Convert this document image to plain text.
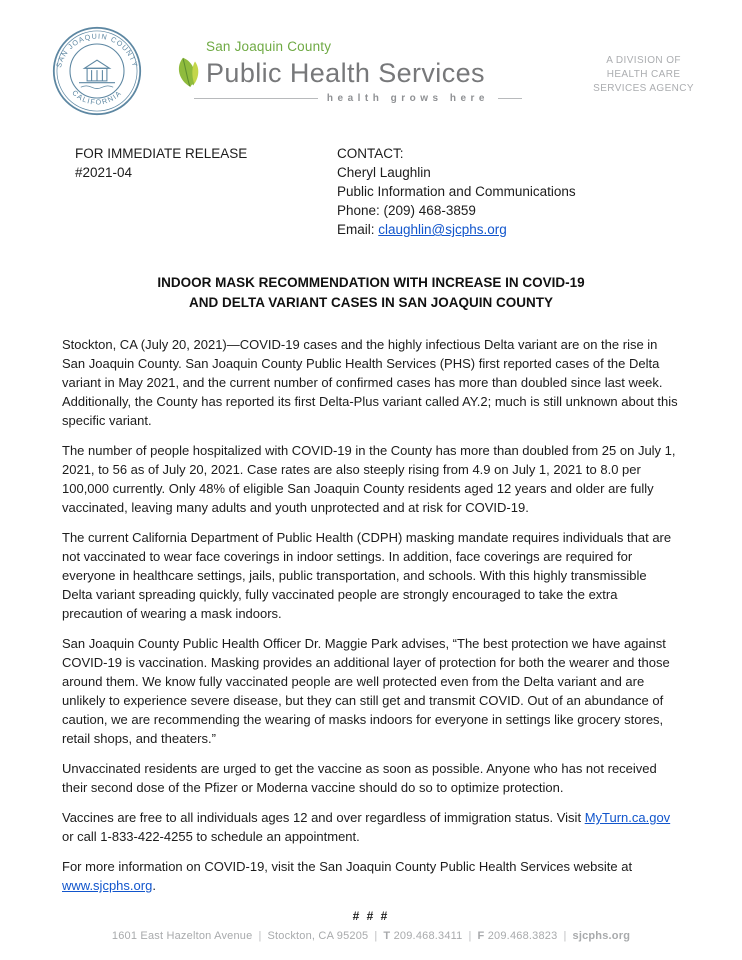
SAN JOAQUIN COUNTY
CALIFORNIA
San Joaquin County
Public Health Services
health grows here
A DIVISION OF
HEALTH CARE
SERVICES AGENCY
FOR IMMEDIATE RELEASE
#2021-04
CONTACT:
Cheryl Laughlin
Public Information and Communications
Phone: (209) 468-3859
Email: claughlin@sjcphs.org
INDOOR MASK RECOMMENDATION WITH INCREASE IN COVID-19
AND DELTA VARIANT CASES IN SAN JOAQUIN COUNTY

Stockton, CA (July 20, 2021)—COVID-19 cases and the highly infectious Delta variant are on the rise in San Joaquin County. San Joaquin County Public Health Services (PHS) first reported cases of the Delta variant in May 2021, and the current number of confirmed cases has more than doubled since last week. Additionally, the County has reported its first Delta-Plus variant called AY.2; much is still unknown about this specific variant.

The number of people hospitalized with COVID-19 in the County has more than doubled from 25 on July 1, 2021, to 56 as of July 20, 2021. Case rates are also steeply rising from 4.9 on July 1, 2021 to 8.0 per 100,000 currently. Only 48% of eligible San Joaquin County residents aged 12 years and older are fully vaccinated, leaving many adults and youth unprotected and at risk for COVID-19.

The current California Department of Public Health (CDPH) masking mandate requires individuals that are not vaccinated to wear face coverings in indoor settings. In addition, face coverings are required for everyone in healthcare settings, jails, public transportation, and schools. With this highly transmissible Delta variant spreading quickly, fully vaccinated people are strongly encouraged to take the extra precaution of wearing a mask indoors.

San Joaquin County Public Health Officer Dr. Maggie Park advises, “The best protection we have against COVID-19 is vaccination. Masking provides an additional layer of protection for both the wearer and those around them. We know fully vaccinated people are well protected even from the Delta variant and are unlikely to experience severe disease, but they can still get and transmit COVID. Out of an abundance of caution, we are recommending the wearing of masks indoors for everyone in settings like grocery stores, retail shops, and theaters.”

Unvaccinated residents are urged to get the vaccine as soon as possible. Anyone who has not received their second dose of the Pfizer or Moderna vaccine should do so to optimize protection.

Vaccines are free to all individuals ages 12 and over regardless of immigration status. Visit MyTurn.ca.gov or call 1-833-422-4255 to schedule an appointment.

For more information on COVID-19, visit the San Joaquin County Public Health Services website at www.sjcphs.org.

# # #
1601 East Hazelton Avenue | Stockton, CA 95205 | T 209.468.3411 | F 209.468.3823 | sjcphs.org
